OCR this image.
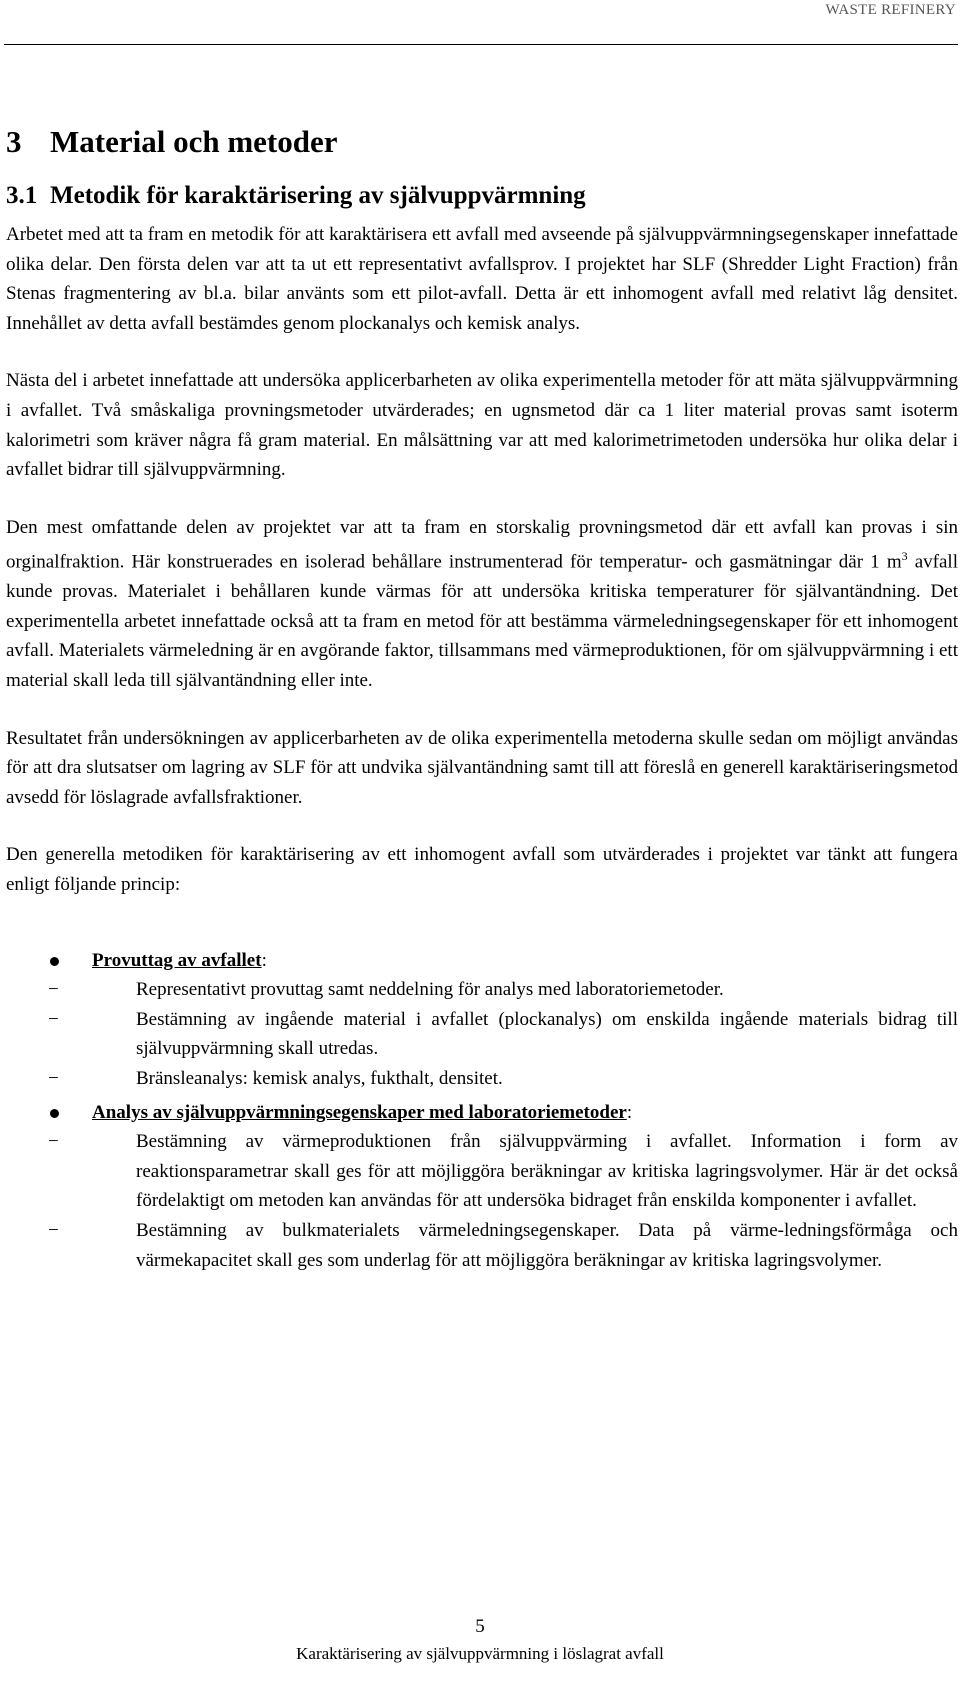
WASTE REFINERY
3 Material och metoder
3.1 Metodik för karaktärisering av självuppvärmning

Arbetet med att ta fram en metodik för att karaktärisera ett avfall med avseende på självuppvärmningsegenskaper innefattade olika delar. Den första delen var att ta ut ett representativt avfallsprov. I projektet har SLF (Shredder Light Fraction) från Stenas fragmentering av bl.a. bilar använts som ett pilot-avfall. Detta är ett inhomogent avfall med relativt låg densitet. Innehållet av detta avfall bestämdes genom plockanalys och kemisk analys.

Nästa del i arbetet innefattade att undersöka applicerbarheten av olika experimentella metoder för att mäta självuppvärmning i avfallet. Två småskaliga provningsmetoder utvärderades; en ugnsmetod där ca 1 liter material provas samt isoterm kalorimetri som kräver några få gram material. En målsättning var att med kalorimetrimetoden undersöka hur olika delar i avfallet bidrar till självuppvärmning.

Den mest omfattande delen av projektet var att ta fram en storskalig provningsmetod där ett avfall kan provas i sin orginalfraktion. Här konstruerades en isolerad behållare instrumenterad för temperatur- och gasmätningar där 1 $m^3$ avfall kunde provas. Materialet i behållaren kunde värmas för att undersöka kritiska temperaturer för självantändning. Det experimentella arbetet innefattade också att ta fram en metod för att bestämma värmeledningsegenskaper för ett inhomogent avfall. Materialets värmeledning är en avgörande faktor, tillsammans med värmeproduktionen, för om självuppvärmning i ett material skall leda till självantändning eller inte.

Resultatet från undersökningen av applicerbarheten av de olika experimentella metoderna skulle sedan om möjligt användas för att dra slutsatser om lagring av SLF för att undvika självantändning samt till att föreslå en generell karaktäriseringsmetod avsedd för löslagrade avfallsfraktioner.

Den generella metodiken för karaktärisering av ett inhomogent avfall som utvärderades i projektet var tänkt att fungera enligt följande princip:

Provuttag av avfallet:
−	Representativt provuttag samt neddelning för analys med laboratoriemetoder.
−	Bestämning av ingående material i avfallet (plockanalys) om enskilda ingående materials bidrag till självuppvärmning skall utredas.
−	Bränsleanalys: kemisk analys, fukthalt, densitet.
Analys av självuppvärmningsegenskaper med laboratoriemetoder:
−	Bestämning av värmeproduktionen från självuppvärming i avfallet. Information i form av reaktionsparametrar skall ges för att möjliggöra beräkningar av kritiska lagringsvolymer. Här är det också fördelaktigt om metoden kan användas för att undersöka bidraget från enskilda komponenter i avfallet.
−	Bestämning av bulkmaterialets värmeledningsegenskaper. Data på värme-ledningsförmåga och värmekapacitet skall ges som underlag för att möjliggöra beräkningar av kritiska lagringsvolymer.
5
Karaktärisering av självuppvärmning i löslagrat avfall
